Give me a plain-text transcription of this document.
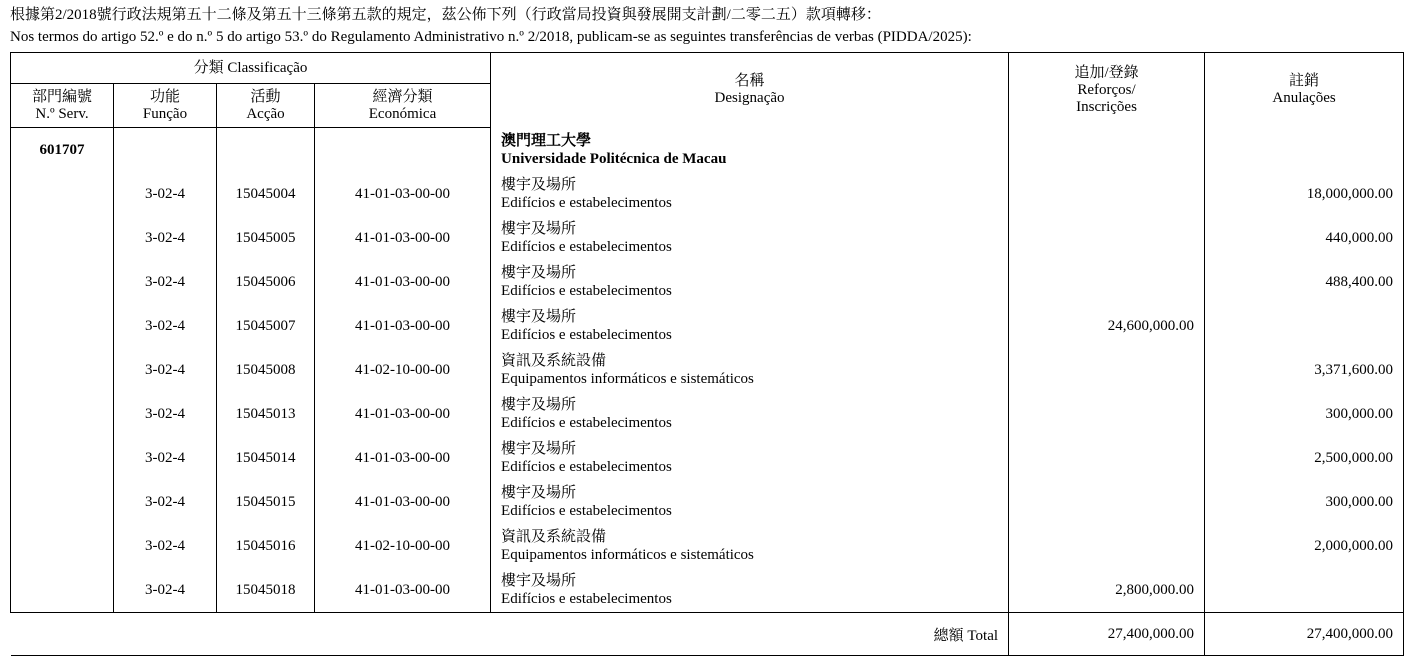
根據第2/2018號行政法規第五十二條及第五十三條第五款的規定，茲公佈下列（行政當局投資與發展開支計劃/二零二五）款項轉移：
Nos termos do artigo 52.º e do n.º 5 do artigo 53.º do Regulamento Administrativo n.º 2/2018, publicam-se as seguintes transferências de verbas (PIDDA/2025):
分類 Classificação				名稱
Designação	追加/登錄
Reforços/
Inscrições	註銷
Anulações

部門編號
N.º Serv.	功能
Função	活動
Acção	經濟分類
Económica			

601707				澳門理工大學
Universidade Politécnica de Macau		

	3-02-4	15045004	41-01-03-00-00	樓宇及場所
Edifícios e estabelecimentos		18,000,000.00
	3-02-4	15045005	41-01-03-00-00	樓宇及場所
Edifícios e estabelecimentos		440,000.00
	3-02-4	15045006	41-01-03-00-00	樓宇及場所
Edifícios e estabelecimentos		488,400.00
	3-02-4	15045007	41-01-03-00-00	樓宇及場所
Edifícios e estabelecimentos	24,600,000.00	
	3-02-4	15045008	41-02-10-00-00	資訊及系統設備
Equipamentos informáticos e sistemáticos		3,371,600.00
	3-02-4	15045013	41-01-03-00-00	樓宇及場所
Edifícios e estabelecimentos		300,000.00
	3-02-4	15045014	41-01-03-00-00	樓宇及場所
Edifícios e estabelecimentos		2,500,000.00
	3-02-4	15045015	41-01-03-00-00	樓宇及場所
Edifícios e estabelecimentos		300,000.00
	3-02-4	15045016	41-02-10-00-00	資訊及系統設備
Equipamentos informáticos e sistemáticos		2,000,000.00
	3-02-4	15045018	41-01-03-00-00	樓宇及場所
Edifícios e estabelecimentos	2,800,000.00	
				總額 Total	27,400,000.00	27,400,000.00
